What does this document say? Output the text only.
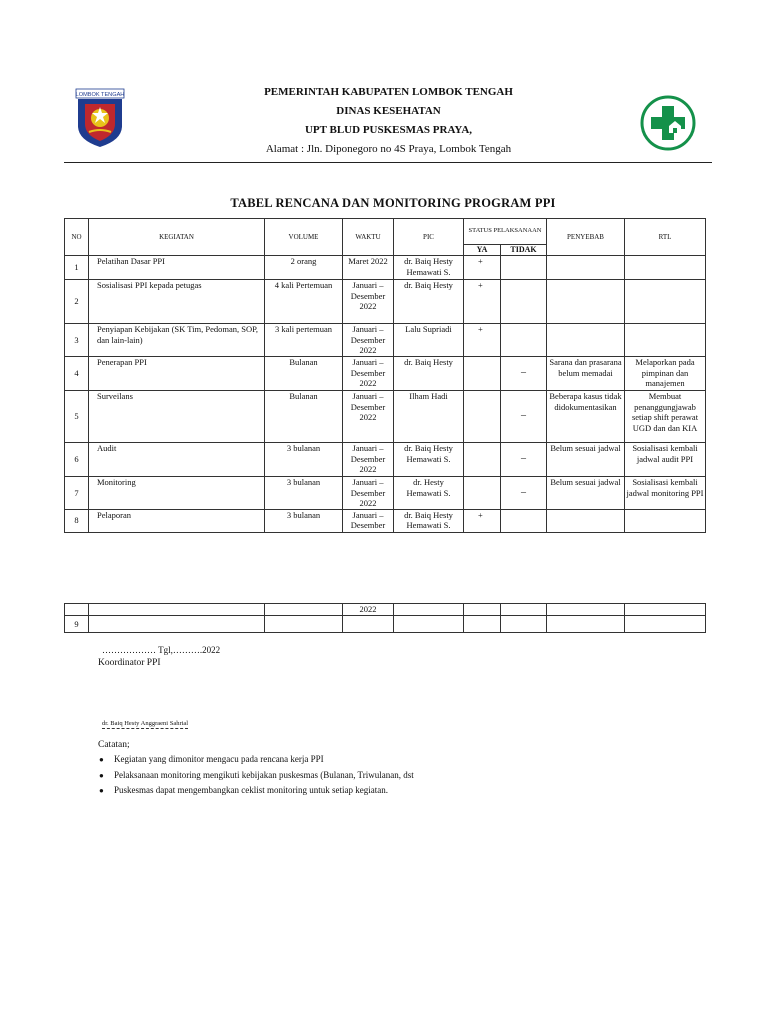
LOMBOK TENGAH	PEMERINTAH KABUPATEN LOMBOK TENGAH
DINAS KESEHATAN
UPT BLUD PUSKESMAS PRAYA,
Alamat : Jln. Diponegoro no 4S Praya, Lombok Tengah
TABEL RENCANA DAN MONITORING PROGRAM PPI
NO	KEGIATAN	VOLUME	WAKTU	PIC	STATUS PELAKSANAAN		PENYEBAB	RTL
					YA	TIDAK		
1	Pelatihan Dasar PPI	2 orang	Maret 2022	dr. Baiq Hesty Hemawati S.	+			
2	Sosialisasi PPI kepada petugas	4 kali Pertemuan	Januari – Desember 2022	dr. Baiq Hesty	+			
3	Penyiapan Kebijakan (SK Tim, Pedoman, SOP, dan lain-lain)	3 kali pertemuan	Januari – Desember 2022	Lalu Supriadi	+			
4	Penerapan PPI	Bulanan	Januari – Desember 2022	dr. Baiq Hesty		–	Sarana dan prasarana belum memadai	Melaporkan pada pimpinan dan manajemen
5	Surveilans	Bulanan	Januari – Desember 2022	Ilham Hadi		–	Beberapa kasus tidak didokumentasikan	Membuat penanggungjawab setiap shift perawat UGD dan dan KIA
6	Audit	3 bulanan	Januari – Desember 2022	dr. Baiq Hesty Hemawati S.		–	Belum sesuai jadwal	Sosialisasi kembali jadwal audit PPI
7	Monitoring	3 bulanan	Januari – Desember 2022	dr. Hesty Hemawati S.		–	Belum sesuai jadwal	Sosialisasi kembali jadwal monitoring PPI
8	Pelaporan	3 bulanan	Januari – Desember	dr. Baiq Hesty Hemawati S.	+			
			2022					
9								
……………… Tgl,……….2022
Koordinator PPI
dr. Baiq Hesty Anggraeni Sahrial
Catatan;
● Kegiatan yang dimonitor mengacu pada rencana kerja PPI
● Pelaksanaan monitoring mengikuti kebijakan puskesmas (Bulanan, Triwulanan, dst
● Puskesmas dapat mengembangkan ceklist monitoring untuk setiap kegiatan.
